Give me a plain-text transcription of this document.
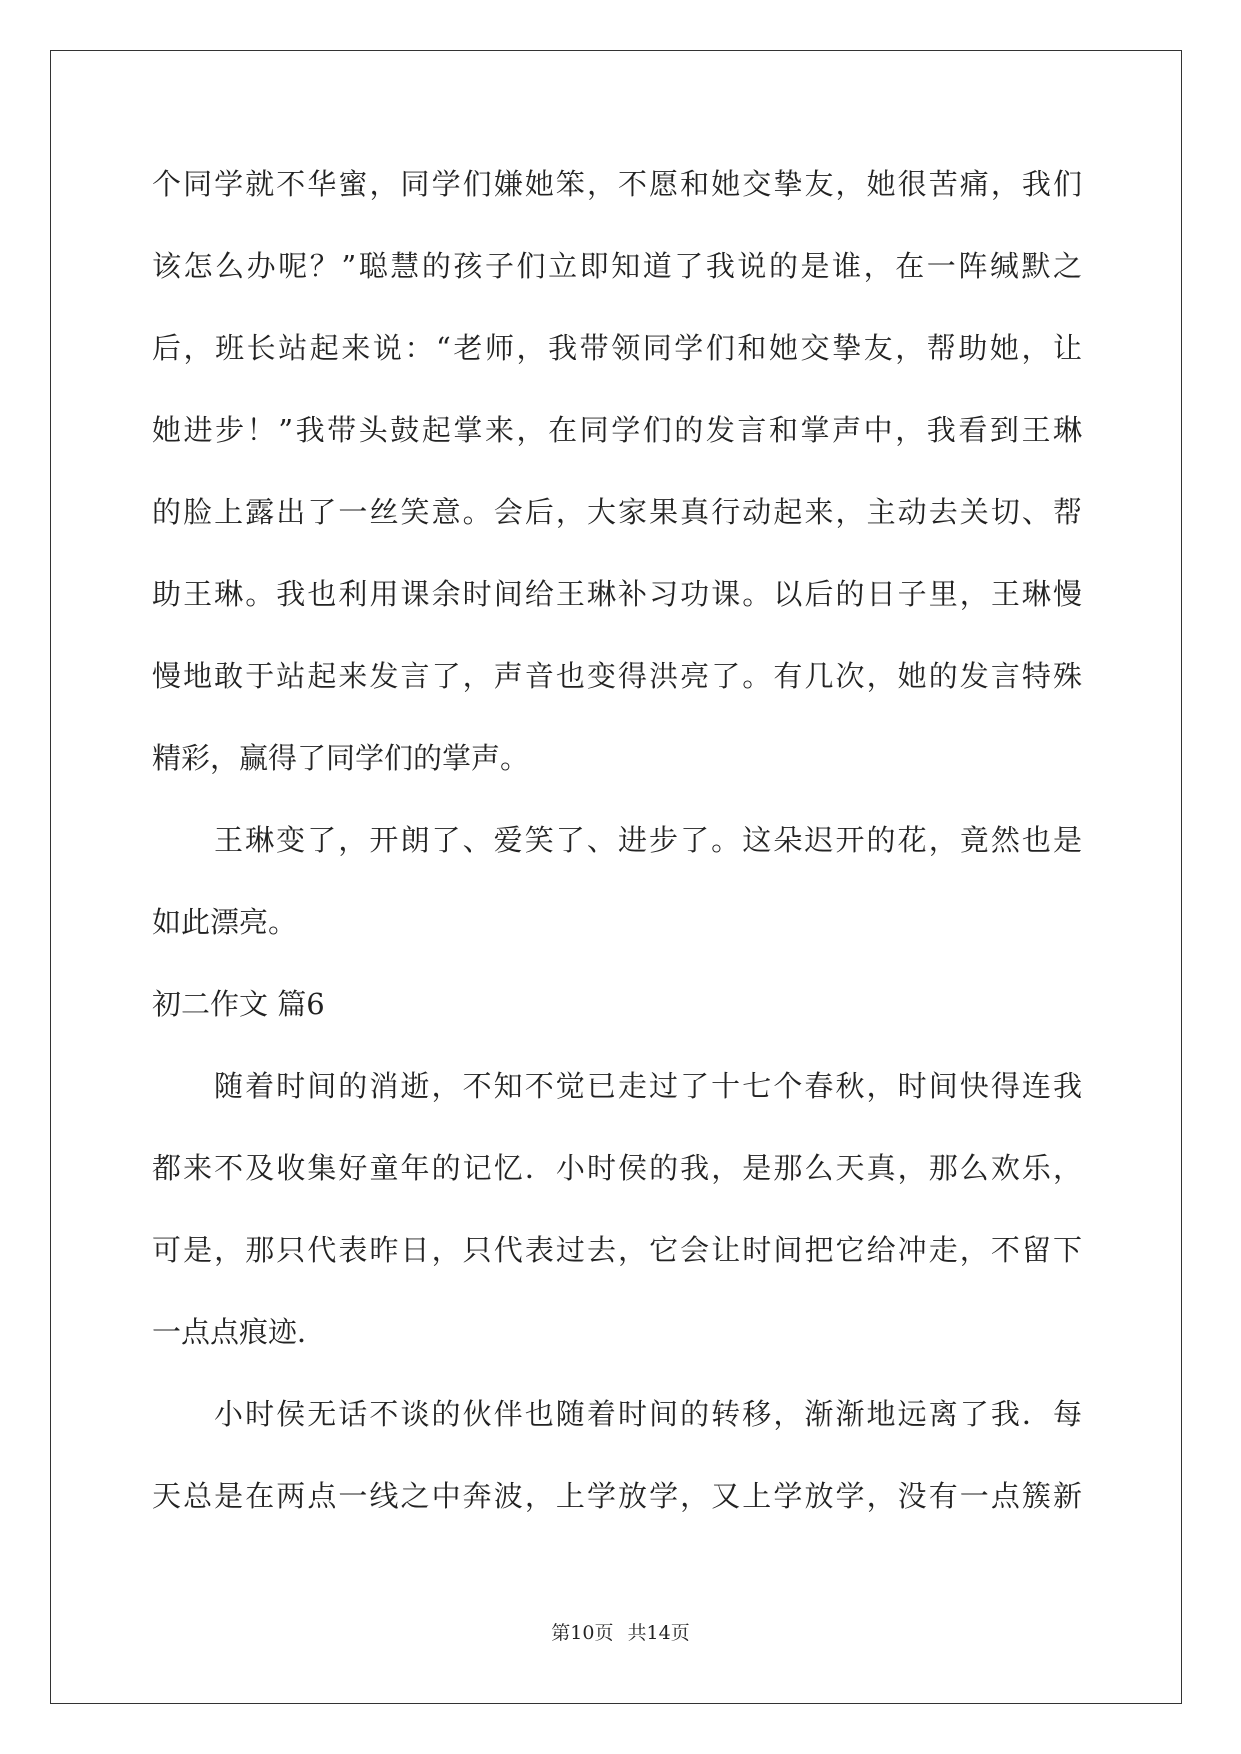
个同学就不华蜜，同学们嫌她笨，不愿和她交挚友，她很苦痛，我们
该怎么办呢？”聪慧的孩子们立即知道了我说的是谁，在一阵缄默之
后，班长站起来说：“老师，我带领同学们和她交挚友，帮助她，让
她进步！”我带头鼓起掌来，在同学们的发言和掌声中，我看到王琳
的脸上露出了一丝笑意。会后，大家果真行动起来，主动去关切、帮
助王琳。我也利用课余时间给王琳补习功课。以后的日子里，王琳慢
慢地敢于站起来发言了，声音也变得洪亮了。有几次，她的发言特殊
精彩，赢得了同学们的掌声。
王琳变了，开朗了、爱笑了、进步了。这朵迟开的花，竟然也是
如此漂亮。
初二作文 篇6
随着时间的消逝，不知不觉已走过了十七个春秋，时间快得连我
都来不及收集好童年的记忆．小时侯的我，是那么天真，那么欢乐，
可是，那只代表昨日，只代表过去，它会让时间把它给冲走，不留下
一点点痕迹．
小时侯无话不谈的伙伴也随着时间的转移，渐渐地远离了我．每
天总是在两点一线之中奔波，上学放学，又上学放学，没有一点簇新
第10页 共14页
